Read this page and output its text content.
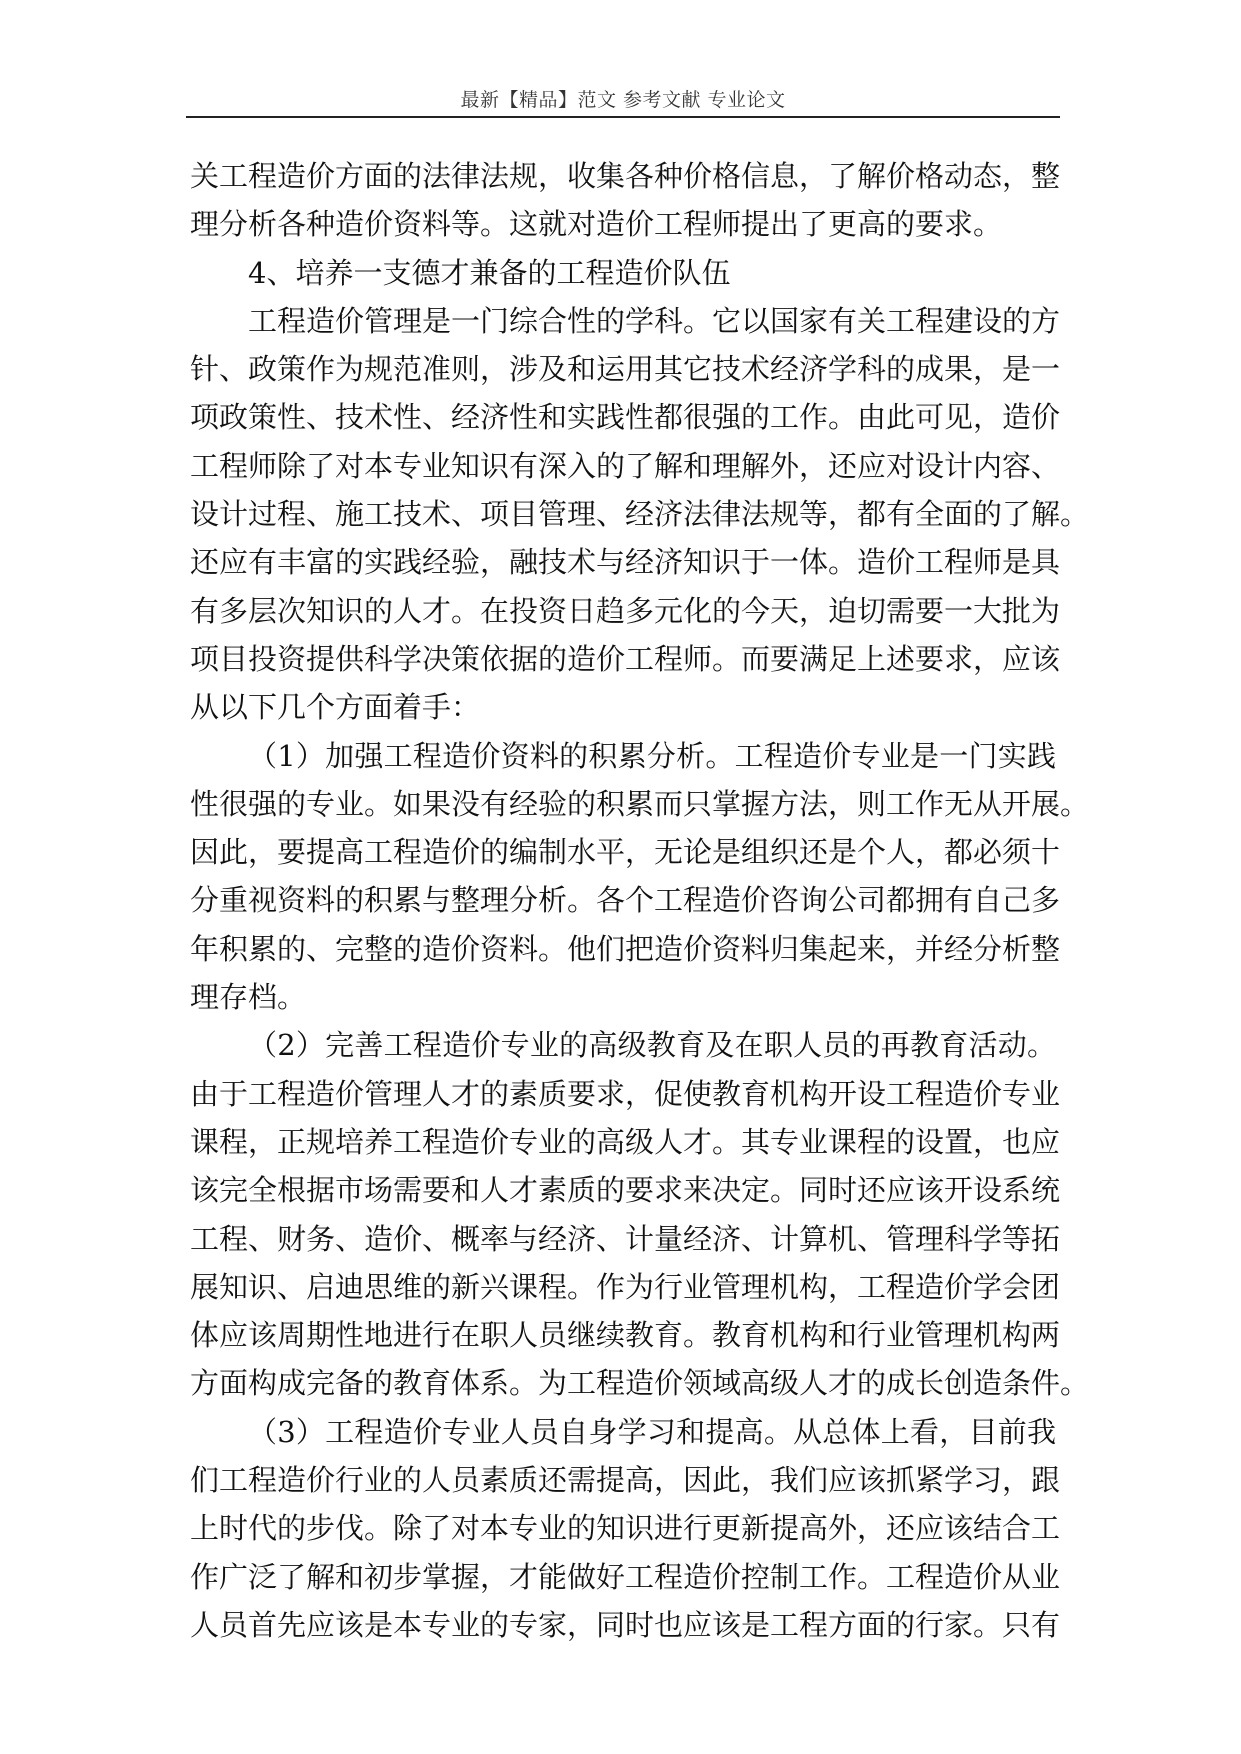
最新【精品】范文 参考文献 专业论文
关工程造价方面的法律法规，收集各种价格信息，了解价格动态，整
理分析各种造价资料等。这就对造价工程师提出了更高的要求。
4、培养一支德才兼备的工程造价队伍
工程造价管理是一门综合性的学科。它以国家有关工程建设的方
针、政策作为规范准则，涉及和运用其它技术经济学科的成果，是一
项政策性、技术性、经济性和实践性都很强的工作。由此可见，造价
工程师除了对本专业知识有深入的了解和理解外，还应对设计内容、
设计过程、施工技术、项目管理、经济法律法规等，都有全面的了解。
还应有丰富的实践经验，融技术与经济知识于一体。造价工程师是具
有多层次知识的人才。在投资日趋多元化的今天，迫切需要一大批为
项目投资提供科学决策依据的造价工程师。而要满足上述要求，应该
从以下几个方面着手：
（1）加强工程造价资料的积累分析。工程造价专业是一门实践
性很强的专业。如果没有经验的积累而只掌握方法，则工作无从开展。
因此，要提高工程造价的编制水平，无论是组织还是个人，都必须十
分重视资料的积累与整理分析。各个工程造价咨询公司都拥有自己多
年积累的、完整的造价资料。他们把造价资料归集起来，并经分析整
理存档。
（2）完善工程造价专业的高级教育及在职人员的再教育活动。
由于工程造价管理人才的素质要求，促使教育机构开设工程造价专业
课程，正规培养工程造价专业的高级人才。其专业课程的设置，也应
该完全根据市场需要和人才素质的要求来决定。同时还应该开设系统
工程、财务、造价、概率与经济、计量经济、计算机、管理科学等拓
展知识、启迪思维的新兴课程。作为行业管理机构，工程造价学会团
体应该周期性地进行在职人员继续教育。教育机构和行业管理机构两
方面构成完备的教育体系。为工程造价领域高级人才的成长创造条件。
（3）工程造价专业人员自身学习和提高。从总体上看，目前我
们工程造价行业的人员素质还需提高，因此，我们应该抓紧学习，跟
上时代的步伐。除了对本专业的知识进行更新提高外，还应该结合工
作广泛了解和初步掌握，才能做好工程造价控制工作。工程造价从业
人员首先应该是本专业的专家，同时也应该是工程方面的行家。只有
